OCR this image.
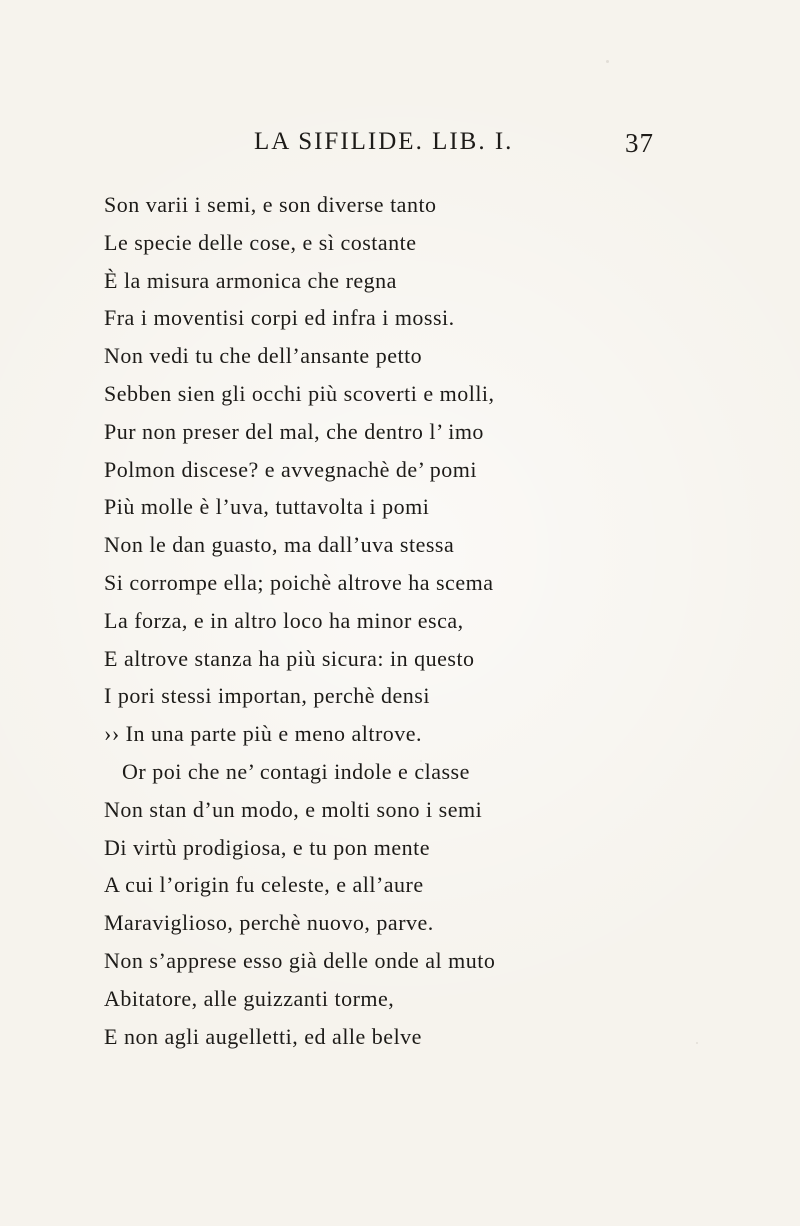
LA SIFILIDE. LIB. I.	37
Son varii i semi, e son diverse tanto
Le specie delle cose, e sì costante
È la misura armonica che regna
Fra i moventisi corpi ed infra i mossi.
Non vedi tu che dell’ansante petto
Sebben sien gli occhi più scoverti e molli,
Pur non preser del mal, che dentro l’ imo
Polmon discese? e avvegnachè de’ pomi
Più molle è l’uva, tuttavolta i pomi
Non le dan guasto, ma dall’uva stessa
Si corrompe ella; poichè altrove ha scema
La forza, e in altro loco ha minor esca,
E altrove stanza ha più sicura: in questo
I pori stessi importan, perchè densi
›› In una parte più e meno altrove.
Or poi che ne’ contagi indole e classe
Non stan d’un modo, e molti sono i semi
Di virtù prodigiosa, e tu pon mente
A cui l’origin fu celeste, e all’aure
Maraviglioso, perchè nuovo, parve.
Non s’apprese esso già delle onde al muto
Abitatore, alle guizzanti torme,
E non agli augelletti, ed alle belve
